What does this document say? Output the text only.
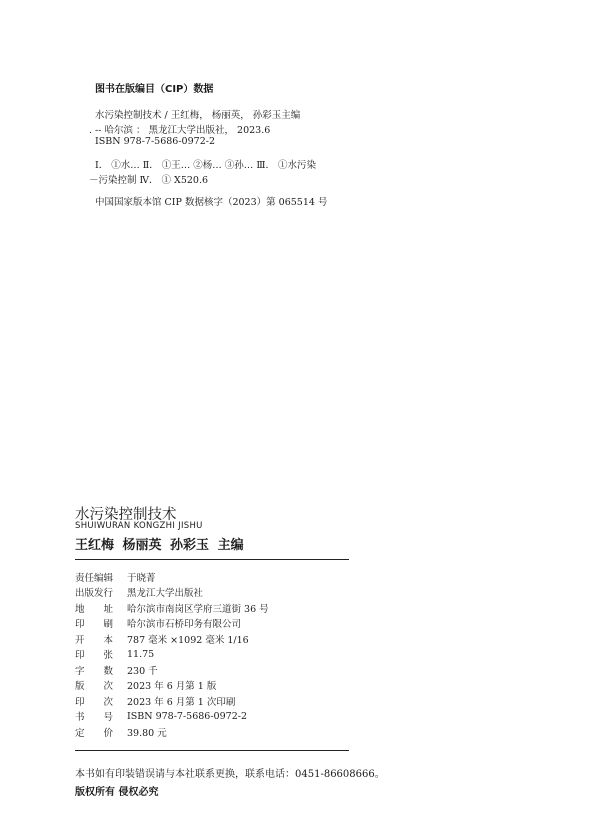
图书在版编目（CIP）数据
水污染控制技术 / 王红梅， 杨丽英， 孙彩玉主编
. -- 哈尔滨 ： 黑龙江大学出版社， 2023.6
ISBN 978-7-5686-0972-2
Ⅰ． ①水… Ⅱ． ①王… ②杨… ③孙… Ⅲ． ①水污染
－污染控制 Ⅳ． ① X520.6
中国国家版本馆 CIP 数据核字（2023）第 065514 号
水污染控制技术
SHUIWURAN KONGZHI JISHU
王红梅 杨丽英 孙彩玉 主编
责任编辑	于晓菁
出版发行	黑龙江大学出版社
地　　址	哈尔滨市南岗区学府三道街 36 号
印　　刷	哈尔滨市石桥印务有限公司
开　　本	787 毫米 ×1092 毫米 1/16
印　　张	11.75
字　　数	230 千
版　　次	2023 年 6 月第 1 版
印　　次	2023 年 6 月第 1 次印刷
书　　号	ISBN 978-7-5686-0972-2
定　　价	39.80 元
本书如有印装错误请与本社联系更换，联系电话：0451-86608666。
版权所有 侵权必究
